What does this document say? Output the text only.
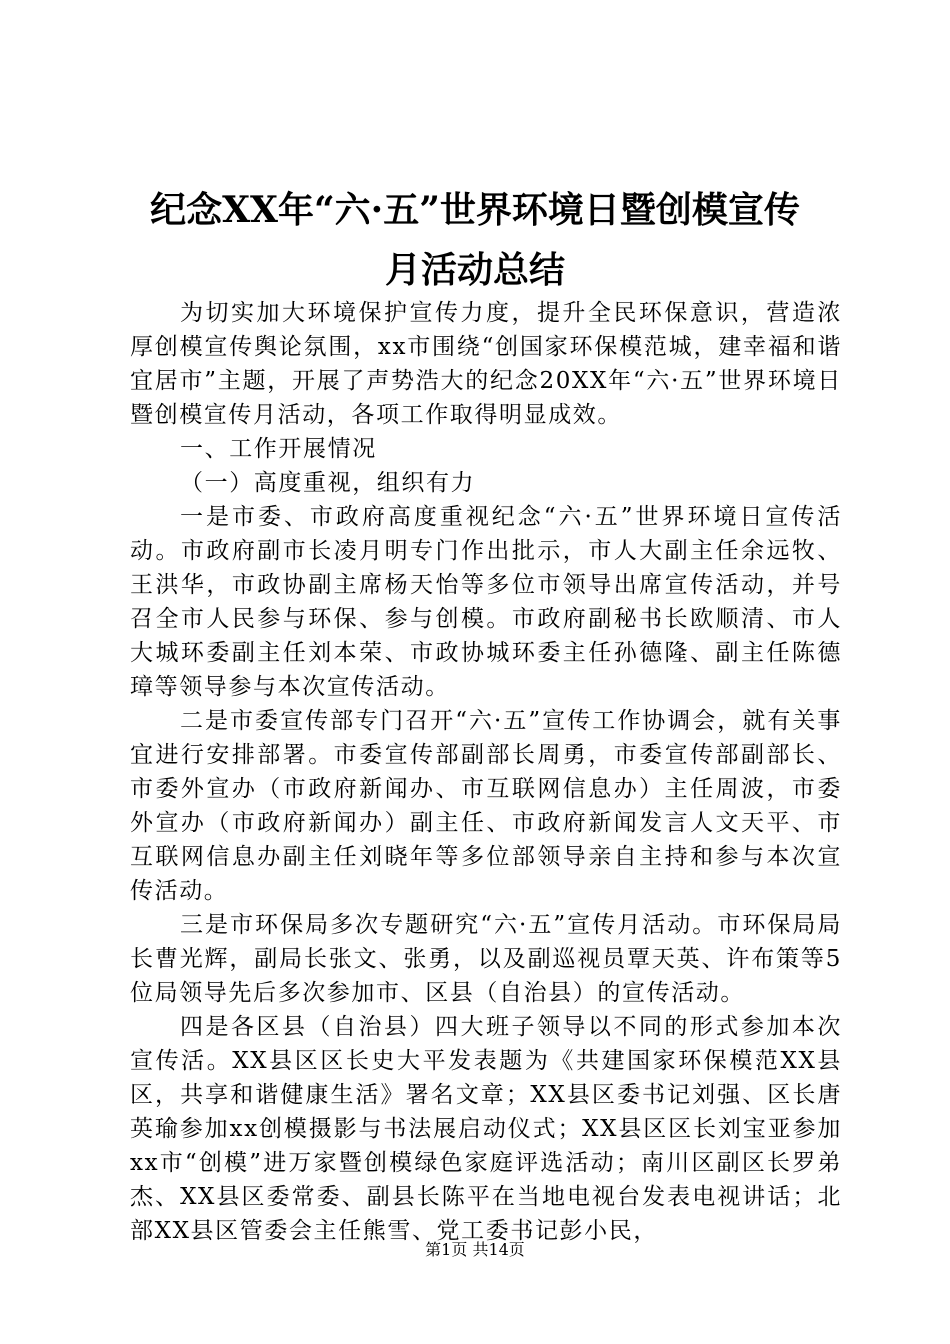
纪念XX年“六·五”世界环境日暨创模宣传
月活动总结

为切实加大环境保护宣传力度，提升全民环保意识，营造浓厚创模宣传舆论氛围，xx市围绕“创国家环保模范城，建幸福和谐宜居市”主题，开展了声势浩大的纪念20XX年“六·五”世界环境日暨创模宣传月活动，各项工作取得明显成效。

一、工作开展情况

（一）高度重视，组织有力

一是市委、市政府高度重视纪念“六·五”世界环境日宣传活动。市政府副市长凌月明专门作出批示，市人大副主任余远牧、王洪华，市政协副主席杨天怡等多位市领导出席宣传活动，并号召全市人民参与环保、参与创模。市政府副秘书长欧顺清、市人大城环委副主任刘本荣、市政协城环委主任孙德隆、副主任陈德璋等领导参与本次宣传活动。

二是市委宣传部专门召开“六·五”宣传工作协调会，就有关事宜进行安排部署。市委宣传部副部长周勇，市委宣传部副部长、市委外宣办（市政府新闻办、市互联网信息办）主任周波，市委外宣办（市政府新闻办）副主任、市政府新闻发言人文天平、市互联网信息办副主任刘晓年等多位部领导亲自主持和参与本次宣传活动。

三是市环保局多次专题研究“六·五”宣传月活动。市环保局局长曹光辉，副局长张文、张勇，以及副巡视员覃天英、许布策等5位局领导先后多次参加市、区县（自治县）的宣传活动。

四是各区县（自治县）四大班子领导以不同的形式参加本次宣传活。XX县区区长史大平发表题为《共建国家环保模范XX县区，共享和谐健康生活》署名文章；XX县区委书记刘强、区长唐英瑜参加xx创模摄影与书法展启动仪式；XX县区区长刘宝亚参加xx市“创模”进万家暨创模绿色家庭评选活动；南川区副区长罗弟杰、XX县区委常委、副县长陈平在当地电视台发表电视讲话；北部XX县区管委会主任熊雪、党工委书记彭小民，

第1页 共14页
